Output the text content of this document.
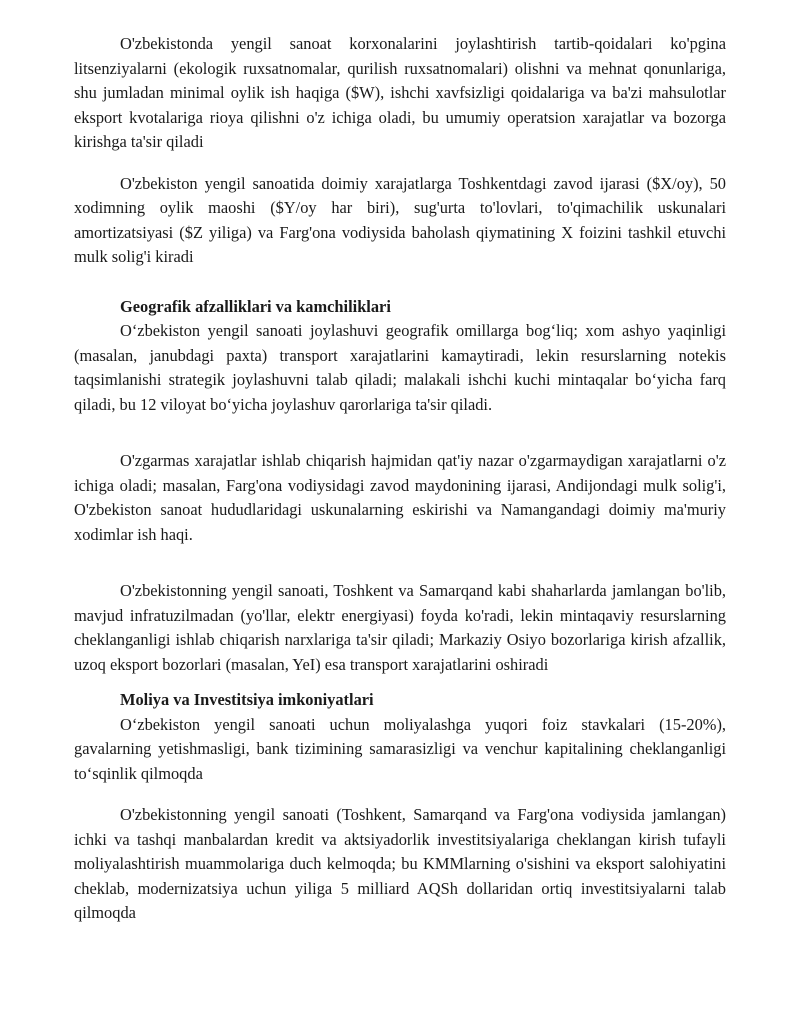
O'zbekistonda yengil sanoat korxonalarini joylashtirish tartib-qoidalari ko'pgina litsenziyalarni (ekologik ruxsatnomalar, qurilish ruxsatnomalari) olishni va mehnat qonunlariga, shu jumladan minimal oylik ish haqiga ($W), ishchi xavfsizligi qoidalariga va ba'zi mahsulotlar eksport kvotalariga rioya qilishni o'z ichiga oladi, bu umumiy operatsion xarajatlar va bozorga kirishga ta'sir qiladi

O'zbekiston yengil sanoatida doimiy xarajatlarga Toshkentdagi zavod ijarasi ($X/oy), 50 xodimning oylik maoshi ($Y/oy har biri), sug'urta to'lovlari, to'qimachilik uskunalari amortizatsiyasi ($Z yiliga) va Farg'ona vodiysida baholash qiymatining X foizini tashkil etuvchi mulk solig'i kiradi

Geografik afzalliklari va kamchiliklari

O‘zbekiston yengil sanoati joylashuvi geografik omillarga bog‘liq; xom ashyo yaqinligi (masalan, janubdagi paxta) transport xarajatlarini kamaytiradi, lekin resurslarning notekis taqsimlanishi strategik joylashuvni talab qiladi; malakali ishchi kuchi mintaqalar bo‘yicha farq qiladi, bu 12 viloyat bo‘yicha joylashuv qarorlariga ta'sir qiladi.

O'zgarmas xarajatlar ishlab chiqarish hajmidan qat'iy nazar o'zgarmaydigan xarajatlarni o'z ichiga oladi; masalan, Farg'ona vodiysidagi zavod maydonining ijarasi, Andijondagi mulk solig'i, O'zbekiston sanoat hududlaridagi uskunalarning eskirishi va Namangandagi doimiy ma'muriy xodimlar ish haqi.

O'zbekistonning yengil sanoati, Toshkent va Samarqand kabi shaharlarda jamlangan bo'lib, mavjud infratuzilmadan (yo'llar, elektr energiyasi) foyda ko'radi, lekin mintaqaviy resurslarning cheklanganligi ishlab chiqarish narxlariga ta'sir qiladi; Markaziy Osiyo bozorlariga kirish afzallik, uzoq eksport bozorlari (masalan, YeI) esa transport xarajatlarini oshiradi

Moliya va Investitsiya imkoniyatlari

O‘zbekiston yengil sanoati uchun moliyalashga yuqori foiz stavkalari (15-20%), gavalarning yetishmasligi, bank tizimining samarasizligi va venchur kapitalining cheklanganligi to‘sqinlik qilmoqda

O'zbekistonning yengil sanoati (Toshkent, Samarqand va Farg'ona vodiysida jamlangan) ichki va tashqi manbalardan kredit va aktsiyadorlik investitsiyalariga cheklangan kirish tufayli moliyalashtirish muammolariga duch kelmoqda; bu KMMlarning o'sishini va eksport salohiyatini cheklab, modernizatsiya uchun yiliga 5 milliard AQSh dollaridan ortiq investitsiyalarni talab qilmoqda
